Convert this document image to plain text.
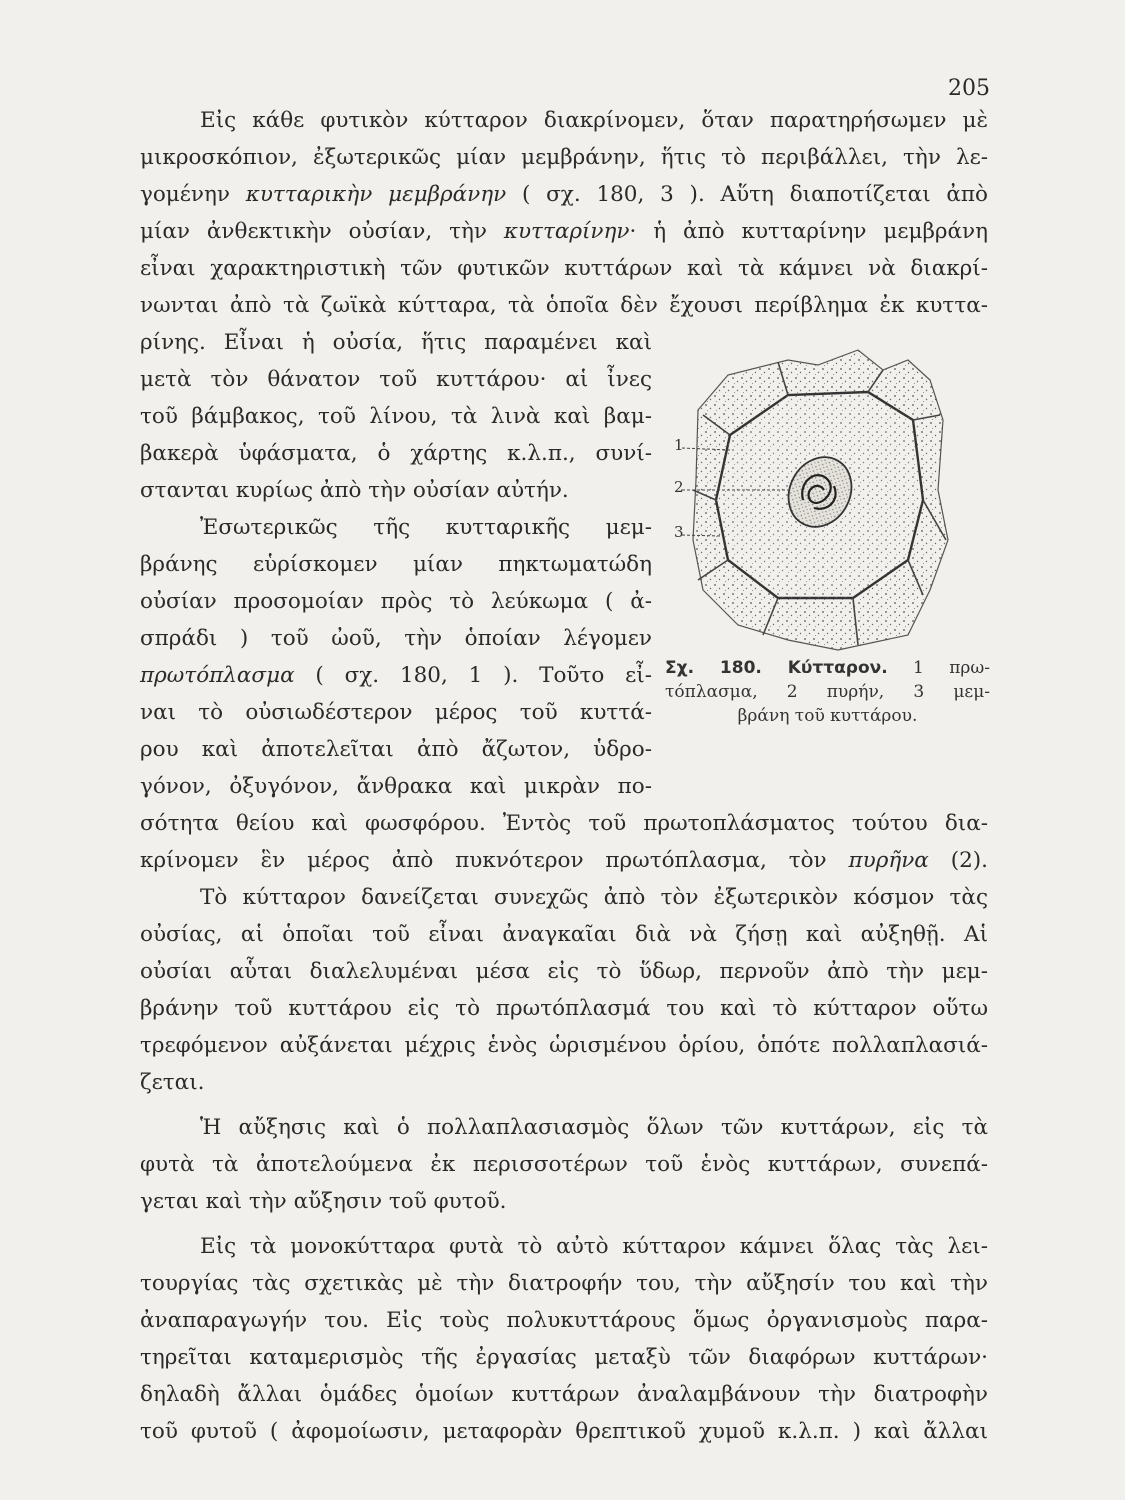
205
Εἰς κάθε φυτικὸν κύτταρον διακρίνομεν, ὅταν παρατηρήσωμεν μὲ
μικροσκόπιον, ἐξωτερικῶς μίαν μεμβράνην, ἥτις τὸ περιβάλλει, τὴν λε-
γομένην κυτταρικὴν μεμβράνην ( σχ. 180, 3 ). Αὕτη διαποτίζεται ἀπὸ
μίαν ἀνθεκτικὴν οὐσίαν, τὴν κυτταρίνην· ἡ ἀπὸ κυτταρίνην μεμβράνη
εἶναι χαρακτηριστικὴ τῶν φυτικῶν κυττάρων καὶ τὰ κάμνει νὰ διακρί-
νωνται ἀπὸ τὰ ζωϊκὰ κύτταρα, τὰ ὁποῖα δὲν ἔχουσι περίβλημα ἐκ κυττα-
ρίνης. Εἶναι ἡ οὐσία, ἥτις παραμένει καὶ
μετὰ τὸν θάνατον τοῦ κυττάρου· αἱ ἶνες
τοῦ βάμβακος, τοῦ λίνου, τὰ λινὰ καὶ βαμ-
βακερὰ ὑφάσματα, ὁ χάρτης κ.λ.π., συνί-
στανται κυρίως ἀπὸ τὴν οὐσίαν αὐτήν.
Ἐσωτερικῶς τῆς κυτταρικῆς μεμ-
βράνης εὑρίσκομεν μίαν πηκτωματώδη
οὐσίαν προσομοίαν πρὸς τὸ λεύκωμα ( ἀ-
σπράδι ) τοῦ ὠοῦ, τὴν ὁποίαν λέγομεν
πρωτόπλασμα ( σχ. 180, 1 ). Τοῦτο εἶ-
ναι τὸ οὐσιωδέστερον μέρος τοῦ κυττά-
ρου καὶ ἀποτελεῖται ἀπὸ ἄζωτον, ὑδρο-
γόνον, ὀξυγόνον, ἄνθρακα καὶ μικρὰν πο-
σότητα θείου καὶ φωσφόρου. Ἐντὸς τοῦ πρωτοπλάσματος τούτου δια-
κρίνομεν ἓν μέρος ἀπὸ πυκνότερον πρωτόπλασμα, τὸν πυρῆνα (2).
Τὸ κύτταρον δανείζεται συνεχῶς ἀπὸ τὸν ἐξωτερικὸν κόσμον τὰς
οὐσίας, αἱ ὁποῖαι τοῦ εἶναι ἀναγκαῖαι διὰ νὰ ζήσῃ καὶ αὐξηθῇ. Αἱ
οὐσίαι αὗται διαλελυμέναι μέσα εἰς τὸ ὕδωρ, περνοῦν ἀπὸ τὴν μεμ-
βράνην τοῦ κυττάρου εἰς τὸ πρωτόπλασμά του καὶ τὸ κύτταρον οὕτω
τρεφόμενον αὐξάνεται μέχρις ἑνὸς ὡρισμένου ὁρίου, ὁπότε πολλαπλασιά-
ζεται.
Ἡ αὔξησις καὶ ὁ πολλαπλασιασμὸς ὅλων τῶν κυττάρων, εἰς τὰ
φυτὰ τὰ ἀποτελούμενα ἐκ περισσοτέρων τοῦ ἑνὸς κυττάρων, συνεπά-
γεται καὶ τὴν αὔξησιν τοῦ φυτοῦ.
Εἰς τὰ μονοκύτταρα φυτὰ τὸ αὐτὸ κύτταρον κάμνει ὅλας τὰς λει-
τουργίας τὰς σχετικὰς μὲ τὴν διατροφήν του, τὴν αὔξησίν του καὶ τὴν
ἀναπαραγωγήν του. Εἰς τοὺς πολυκυττάρους ὅμως ὀργανισμοὺς παρα-
τηρεῖται καταμερισμὸς τῆς ἐργασίας μεταξὺ τῶν διαφόρων κυττάρων·
δηλαδὴ ἄλλαι ὁμάδες ὁμοίων κυττάρων ἀναλαμβάνουν τὴν διατροφὴν
τοῦ φυτοῦ ( ἀφομοίωσιν, μεταφορὰν θρεπτικοῦ χυμοῦ κ.λ.π. ) καὶ ἄλλαι
1
2
3
Σχ. 180. Κύτταρον. 1 πρω-
τόπλασμα, 2 πυρήν, 3 μεμ-
βράνη τοῦ κυττάρου.
